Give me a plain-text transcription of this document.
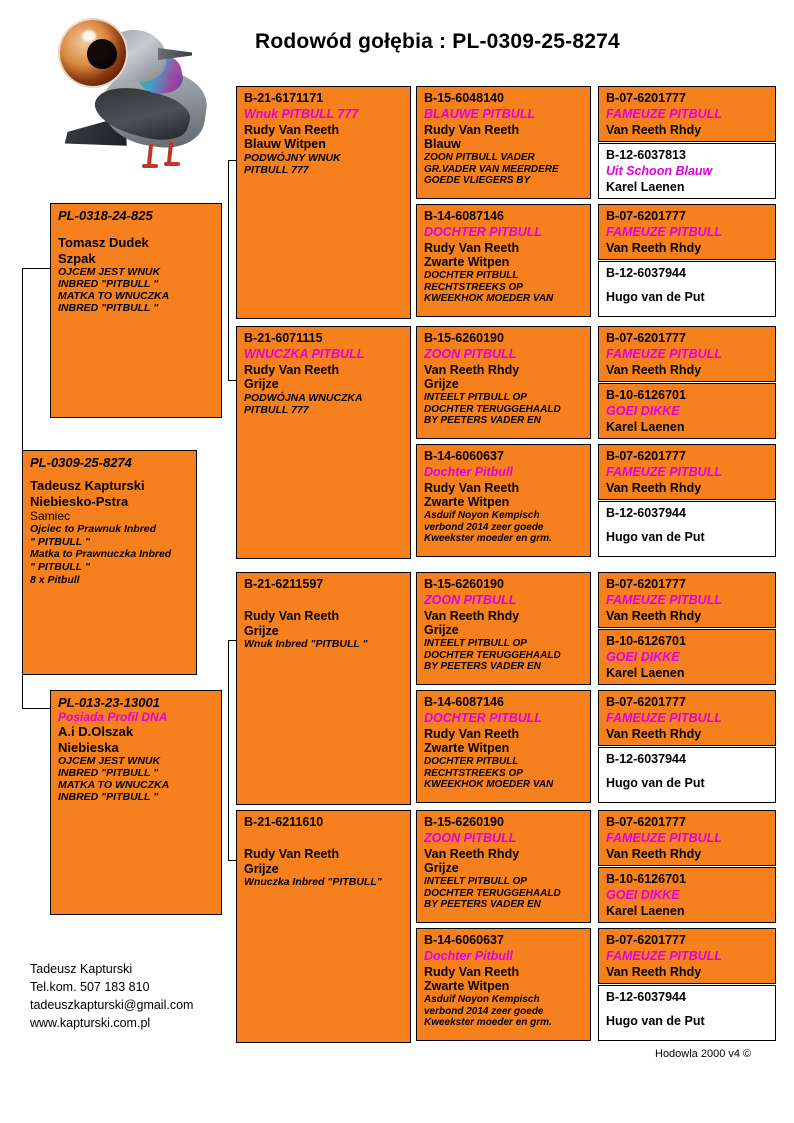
Rodowód gołębia : PL-0309-25-8274
PL-0309-25-8274
Tadeusz Kapturski
Niebiesko-Pstra
Samiec
Ojciec to Prawnuk Inbred
" PITBULL "
Matka to Prawnuczka Inbred
" PITBULL "
8 x Pitbull
PL-0318-24-825
Tomasz Dudek
Szpak
OJCEM JEST WNUK
INBRED "PITBULL "
MATKA TO WNUCZKA
INBRED "PITBULL "
PL-013-23-13001
Posiada Profil DNA
A.i D.Olszak
Niebieska
OJCEM JEST WNUK
INBRED "PITBULL "
MATKA TO WNUCZKA
INBRED "PITBULL "
B-21-6171171
Wnuk PITBULL 777
Rudy Van Reeth
Blauw Witpen
PODWÓJNY WNUK
PITBULL 777
B-21-6071115
WNUCZKA PITBULL
Rudy Van Reeth
Grijze
PODWÓJNA WNUCZKA
PITBULL 777
B-21-6211597
Rudy Van Reeth
Grijze
Wnuk Inbred "PITBULL "
B-21-6211610
Rudy Van Reeth
Grijze
Wnuczka Inbred "PITBULL"
B-15-6048140
BLAUWE PITBULL
Rudy Van Reeth
Blauw
ZOON PITBULL VADER
GR.VADER VAN MEERDERE
GOEDE VLIEGERS BY
B-14-6087146
DOCHTER PITBULL
Rudy Van Reeth
Zwarte Witpen
DOCHTER PITBULL
RECHTSTREEKS OP
KWEEKHOK MOEDER VAN
B-15-6260190
ZOON PITBULL
Van Reeth Rhdy
Grijze
INTEELT PITBULL OP
DOCHTER TERUGGEHAALD
BY PEETERS VADER EN
B-14-6060637
Dochter Pitbull
Rudy Van Reeth
Zwarte Witpen
Asduif Noyon Kempisch
verbond 2014 zeer goede
Kweekster moeder en grm.
B-15-6260190
ZOON PITBULL
Van Reeth Rhdy
Grijze
INTEELT PITBULL OP
DOCHTER TERUGGEHAALD
BY PEETERS VADER EN
B-14-6087146
DOCHTER PITBULL
Rudy Van Reeth
Zwarte Witpen
DOCHTER PITBULL
RECHTSTREEKS OP
KWEEKHOK MOEDER VAN
B-15-6260190
ZOON PITBULL
Van Reeth Rhdy
Grijze
INTEELT PITBULL OP
DOCHTER TERUGGEHAALD
BY PEETERS VADER EN
B-14-6060637
Dochter Pitbull
Rudy Van Reeth
Zwarte Witpen
Asduif Noyon Kempisch
verbond 2014 zeer goede
Kweekster moeder en grm.
B-07-6201777
FAMEUZE PITBULL
Van Reeth Rhdy
B-12-6037813
Uit Schoon Blauw
Karel Laenen
B-07-6201777
FAMEUZE PITBULL
Van Reeth Rhdy
B-12-6037944
Hugo van de Put
B-07-6201777
FAMEUZE PITBULL
Van Reeth Rhdy
B-10-6126701
GOEI DIKKE
Karel Laenen
B-07-6201777
FAMEUZE PITBULL
Van Reeth Rhdy
B-12-6037944
Hugo van de Put
B-07-6201777
FAMEUZE PITBULL
Van Reeth Rhdy
B-10-6126701
GOEI DIKKE
Karel Laenen
B-07-6201777
FAMEUZE PITBULL
Van Reeth Rhdy
B-12-6037944
Hugo van de Put
B-07-6201777
FAMEUZE PITBULL
Van Reeth Rhdy
B-10-6126701
GOEI DIKKE
Karel Laenen
B-07-6201777
FAMEUZE PITBULL
Van Reeth Rhdy
B-12-6037944
Hugo van de Put
Tadeusz Kapturski
Tel.kom. 507 183 810
tadeuszkapturski@gmail.com
www.kapturski.com.pl
Hodowla 2000 v4 ©
